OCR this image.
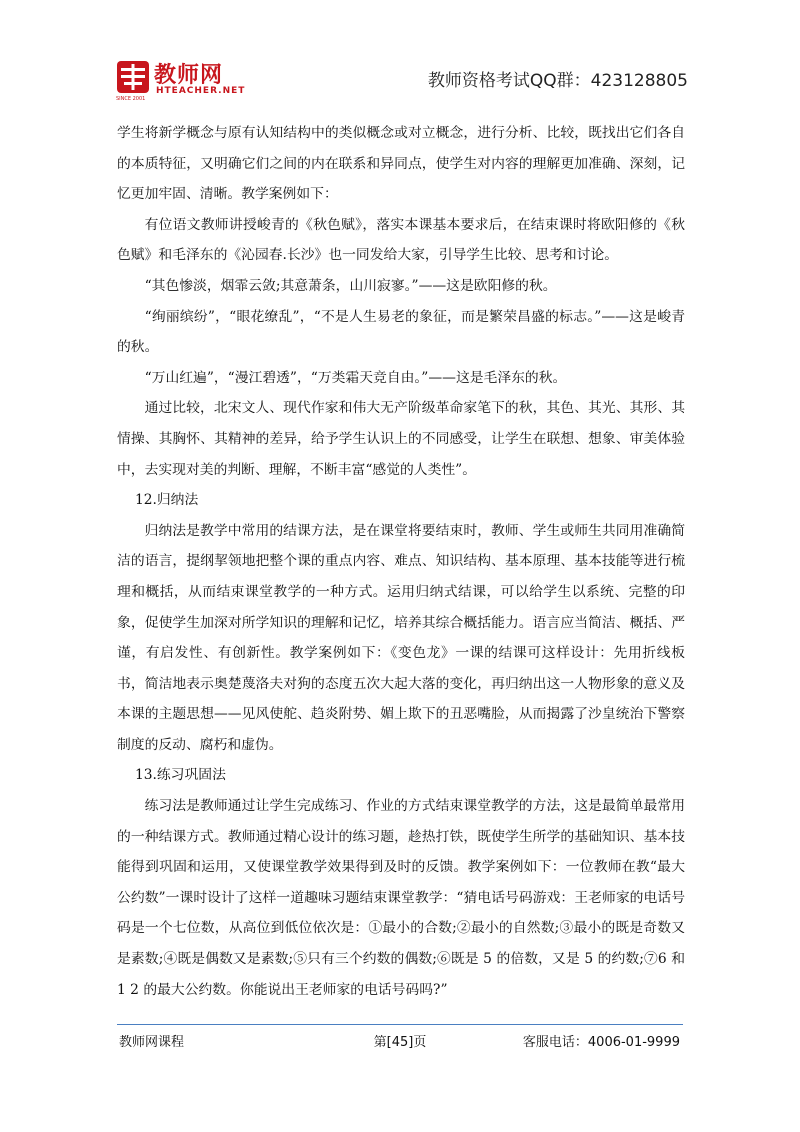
教师网
HTEACHER.NET
SINCE 2001
教师资格考试QQ群：423128805

学生将新学概念与原有认知结构中的类似概念或对立概念，进行分析、比较，既找出它们各自的本质特征，又明确它们之间的内在联系和异同点，使学生对内容的理解更加准确、深刻，记忆更加牢固、清晰。教学案例如下：

有位语文教师讲授峻青的《秋色赋》，落实本课基本要求后，在结束课时将欧阳修的《秋色赋》和毛泽东的《沁园春.长沙》也一同发给大家，引导学生比较、思考和讨论。

“其色惨淡，烟霏云敛;其意萧条，山川寂寥。”——这是欧阳修的秋。

“绚丽缤纷”，“眼花缭乱”，“不是人生易老的象征，而是繁荣昌盛的标志。”——这是峻青的秋。

“万山红遍”，“漫江碧透”，“万类霜天竞自由。”——这是毛泽东的秋。

通过比较，北宋文人、现代作家和伟大无产阶级革命家笔下的秋，其色、其光、其形、其情操、其胸怀、其精神的差异，给予学生认识上的不同感受，让学生在联想、想象、审美体验中，去实现对美的判断、理解，不断丰富“感觉的人类性”。

12.归纳法

归纳法是教学中常用的结课方法，是在课堂将要结束时，教师、学生或师生共同用准确简洁的语言，提纲挈领地把整个课的重点内容、难点、知识结构、基本原理、基本技能等进行梳理和概括，从而结束课堂教学的一种方式。运用归纳式结课，可以给学生以系统、完整的印象，促使学生加深对所学知识的理解和记忆，培养其综合概括能力。语言应当简洁、概括、严谨，有启发性、有创新性。教学案例如下：《变色龙》一课的结课可这样设计：先用折线板书，简洁地表示奥楚蔑洛夫对狗的态度五次大起大落的变化，再归纳出这一人物形象的意义及本课的主题思想——见风使舵、趋炎附势、媚上欺下的丑恶嘴脸，从而揭露了沙皇统治下警察制度的反动、腐朽和虚伪。

13.练习巩固法

练习法是教师通过让学生完成练习、作业的方式结束课堂教学的方法，这是最简单最常用的一种结课方式。教师通过精心设计的练习题，趁热打铁，既使学生所学的基础知识、基本技能得到巩固和运用，又使课堂教学效果得到及时的反馈。教学案例如下：一位教师在教“最大公约数”一课时设计了这样一道趣味习题结束课堂教学：“猜电话号码游戏：王老师家的电话号码是一个七位数，从高位到低位依次是：①最小的合数;②最小的自然数;③最小的既是奇数又是素数;④既是偶数又是素数;⑤只有三个约数的偶数;⑥既是 5 的倍数，又是 5 的约数;⑦6 和 1 2 的最大公约数。你能说出王老师家的电话号码吗?”

教师网课程	第[45]页	客服电话：4006-01-9999
